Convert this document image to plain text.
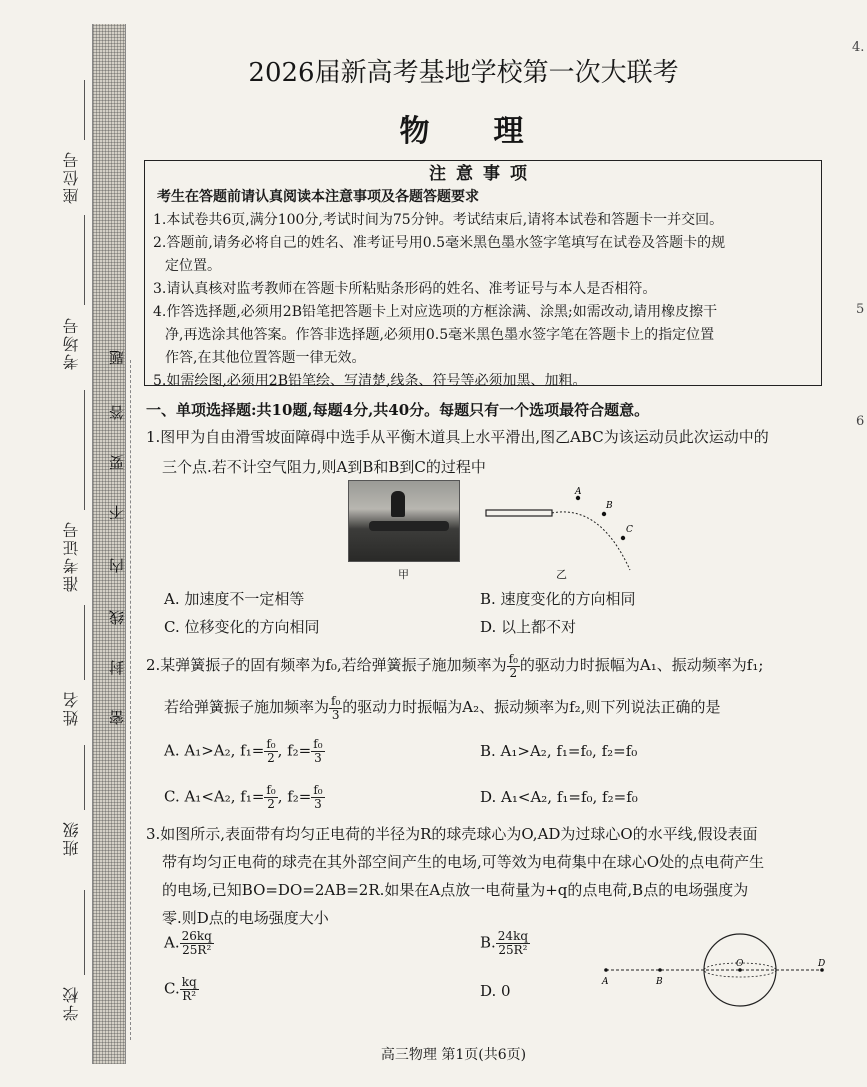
座位号
考场号
准考证号
姓名
班级
学校
题
答
要
不
内
线
封
密
4.
5
6
2026届新高考基地学校第一次大联考
物理
注意事项
考生在答题前请认真阅读本注意事项及各题答题要求
1.本试卷共6页,满分100分,考试时间为75分钟。考试结束后,请将本试卷和答题卡一并交回。
2.答题前,请务必将自己的姓名、准考证号用0.5毫米黑色墨水签字笔填写在试卷及答题卡的规
定位置。
3.请认真核对监考教师在答题卡所粘贴条形码的姓名、准考证号与本人是否相符。
4.作答选择题,必须用2B铅笔把答题卡上对应选项的方框涂满、涂黑;如需改动,请用橡皮擦干
净,再选涂其他答案。作答非选择题,必须用0.5毫米黑色墨水签字笔在答题卡上的指定位置
作答,在其他位置答题一律无效。
5.如需绘图,必须用2B铅笔绘、写清楚,线条、符号等必须加黑、加粗。
一、单项选择题:共10题,每题4分,共40分。每题只有一个选项最符合题意。
1.图甲为自由滑雪坡面障碍中选手从平衡木道具上水平滑出,图乙ABC为该运动员此次运动中的
三个点.若不计空气阻力,则A到B和B到C的过程中
甲
A
B
C
乙
A. 加速度不一定相等	B. 速度变化的方向相同
C. 位移变化的方向相同	D. 以上都不对
2.某弹簧振子的固有频率为f₀,若给弹簧振子施加频率为 $\frac{\text{f₀}}{2}$ 的驱动力时振幅为A₁、振动频率为f₁;
若给弹簧振子施加频率为 $\frac{\text{f₀}}{3}$ 的驱动力时振幅为A₂、振动频率为f₂,则下列说法正确的是
A. A₁>A₂, $f_1= \frac{\text{f₀}}{2}$ , $f_2= \frac{\text{f₀}}{3}$	B. A₁>A₂, f₁=f₀, f₂=f₀
C. A₁<A₂, $f_1= \frac{\text{f₀}}{2}$ , $f_2= \frac{\text{f₀}}{3}$	D. A₁<A₂, f₁=f₀, f₂=f₀
3.如图所示,表面带有均匀正电荷的半径为R的球壳球心为O,AD为过球心O的水平线,假设表面
带有均匀正电荷的球壳在其外部空间产生的电场,可等效为电荷集中在球心O处的点电荷产生
的电场,已知BO=DO=2AB=2R.如果在A点放一电荷量为+q的点电荷,B点的电场强度为
零.则D点的电场强度大小
A. $\frac{26kq}{\text{25R²}}$	B. $\frac{24kq}{\text{25R²}}$
C. $\frac{kq}{\text{R²}}$	D. 0	A	B
O	D
高三物理 第1页(共6页)
